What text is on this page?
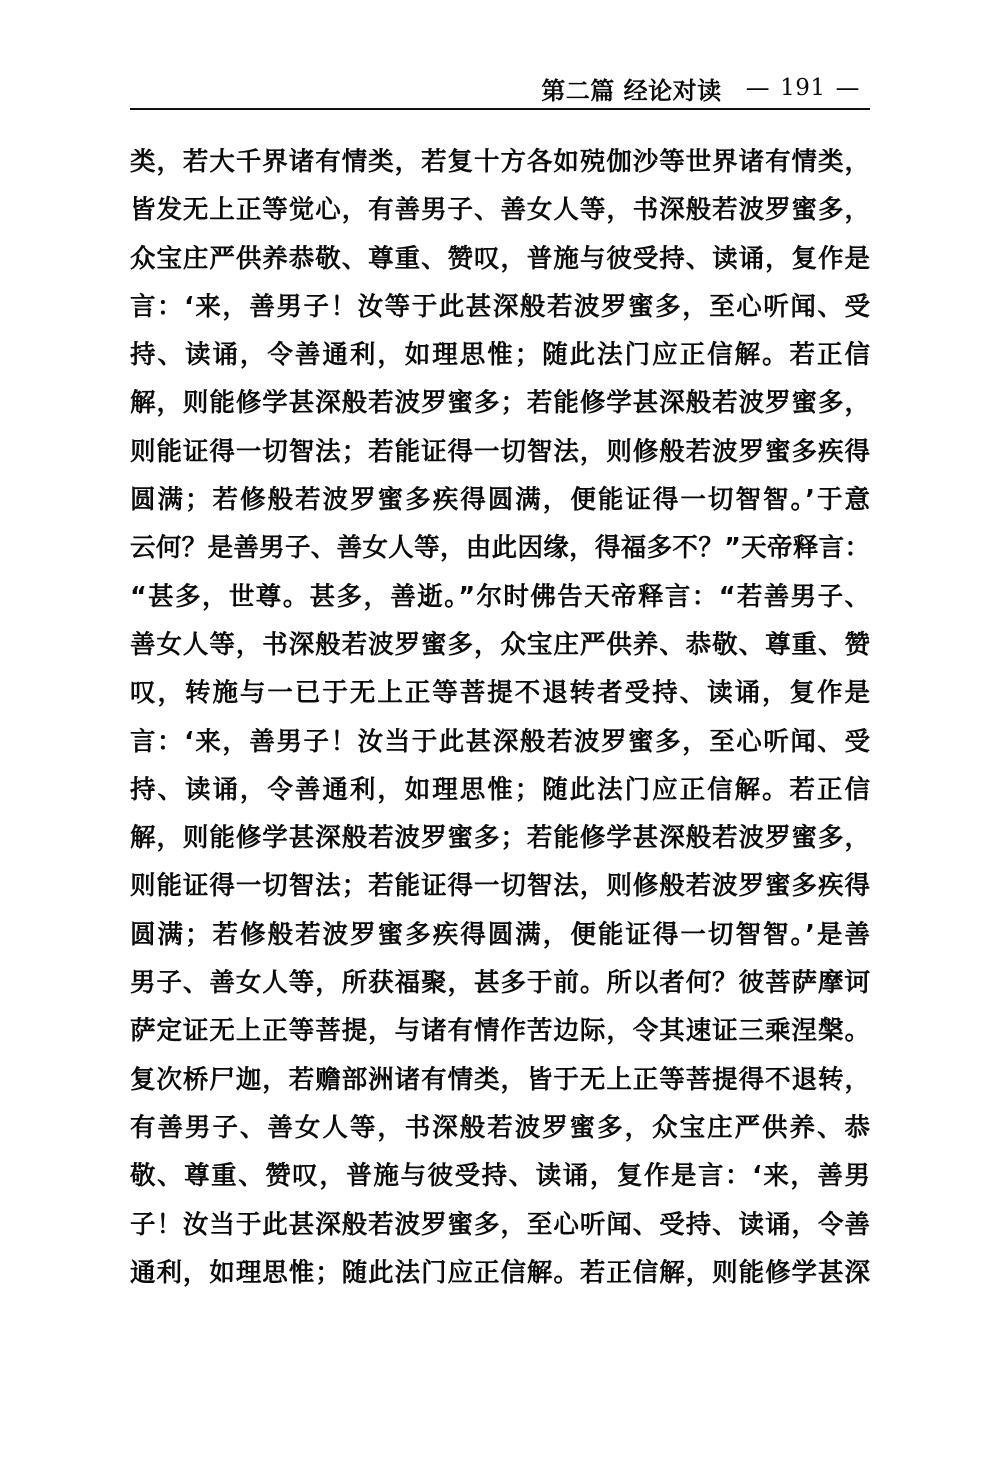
第二篇 经论对读 — 191 —
类，若大千界诸有情类，若复十方各如殑伽沙等世界诸有情类，
皆发无上正等觉心，有善男子、善女人等，书深般若波罗蜜多，
众宝庄严供养恭敬、尊重、赞叹，普施与彼受持、读诵，复作是
言：‘来，善男子！汝等于此甚深般若波罗蜜多，至心听闻、受
持、读诵，令善通利，如理思惟；随此法门应正信解。若正信
解，则能修学甚深般若波罗蜜多；若能修学甚深般若波罗蜜多，
则能证得一切智法；若能证得一切智法，则修般若波罗蜜多疾得
圆满；若修般若波罗蜜多疾得圆满，便能证得一切智智。’于意
云何？是善男子、善女人等，由此因缘，得福多不？”天帝释言：
“甚多，世尊。甚多，善逝。”尔时佛告天帝释言：“若善男子、
善女人等，书深般若波罗蜜多，众宝庄严供养、恭敬、尊重、赞
叹，转施与一已于无上正等菩提不退转者受持、读诵，复作是
言：‘来，善男子！汝当于此甚深般若波罗蜜多，至心听闻、受
持、读诵，令善通利，如理思惟；随此法门应正信解。若正信
解，则能修学甚深般若波罗蜜多；若能修学甚深般若波罗蜜多，
则能证得一切智法；若能证得一切智法，则修般若波罗蜜多疾得
圆满；若修般若波罗蜜多疾得圆满，便能证得一切智智。’是善
男子、善女人等，所获福聚，甚多于前。所以者何？彼菩萨摩诃
萨定证无上正等菩提，与诸有情作苦边际，令其速证三乘涅槃。
复次桥尸迦，若赡部洲诸有情类，皆于无上正等菩提得不退转，
有善男子、善女人等，书深般若波罗蜜多，众宝庄严供养、恭
敬、尊重、赞叹，普施与彼受持、读诵，复作是言：‘来，善男
子！汝当于此甚深般若波罗蜜多，至心听闻、受持、读诵，令善
通利，如理思惟；随此法门应正信解。若正信解，则能修学甚深
